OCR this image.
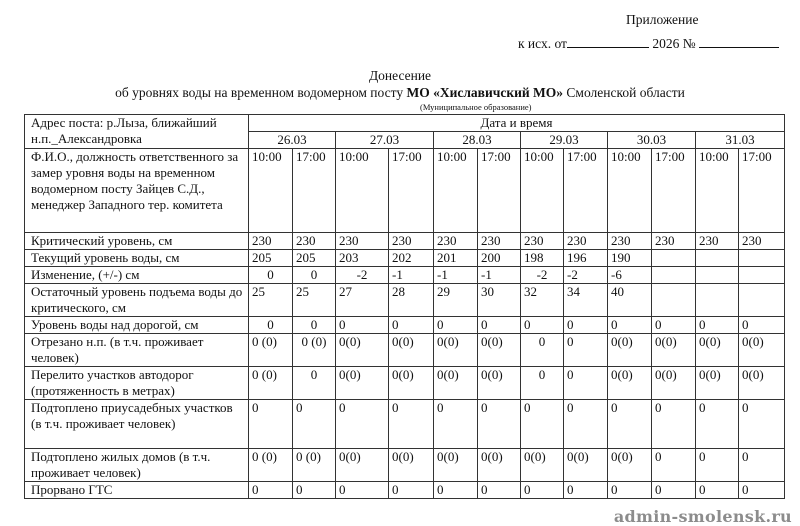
Приложение
к исх. от	2026 №
Донесение
об уровнях воды на временном водомерном посту МО «Хиславичский МО» Смоленской области
(Муниципальное образование)
Адрес поста: р.Лыза, ближайший н.п._Александровка	Дата и время											
	26.03		27.03		28.03		29.03		30.03		31.03	
Ф.И.О., должность ответственного за замер уровня воды на временном водомерном посту Зайцев С.Д., менеджер Западного тер. комитета	10:00	17:00	10:00	17:00	10:00	17:00	10:00	17:00	10:00	17:00	10:00	17:00
Критический уровень, см	230	230	230	230	230	230	230	230	230	230	230	230
Текущий уровень воды, см	205	205	203	202	201	200	198	196	190			
Изменение, (+/-) см	0	0	-2	-1	-1	-1	-2	-2	-6			
Остаточный уровень подъема воды до критического, см	25	25	27	28	29	30	32	34	40			
Уровень воды над дорогой, см	0	0	0	0	0	0	0	0	0	0	0	0
Отрезано н.п. (в т.ч. проживает человек)	0 (0)	0 (0)	0(0)	0(0)	0(0)	0(0)	0	0	0(0)	0(0)	0(0)	0(0)
Перелито участков автодорог (протяженность в метрах)	0 (0)	0	0(0)	0(0)	0(0)	0(0)	0	0	0(0)	0(0)	0(0)	0(0)
Подтоплено приусадебных участков (в т.ч. проживает человек)	0	0	0	0	0	0	0	0	0	0	0	0
Подтоплено жилых домов (в т.ч. проживает человек)	0 (0)	0 (0)	0(0)	0(0)	0(0)	0(0)	0(0)	0(0)	0(0)	0	0	0
Прорвано ГТС	0	0	0	0	0	0	0	0	0	0	0	0
admin-smolensk.ru
